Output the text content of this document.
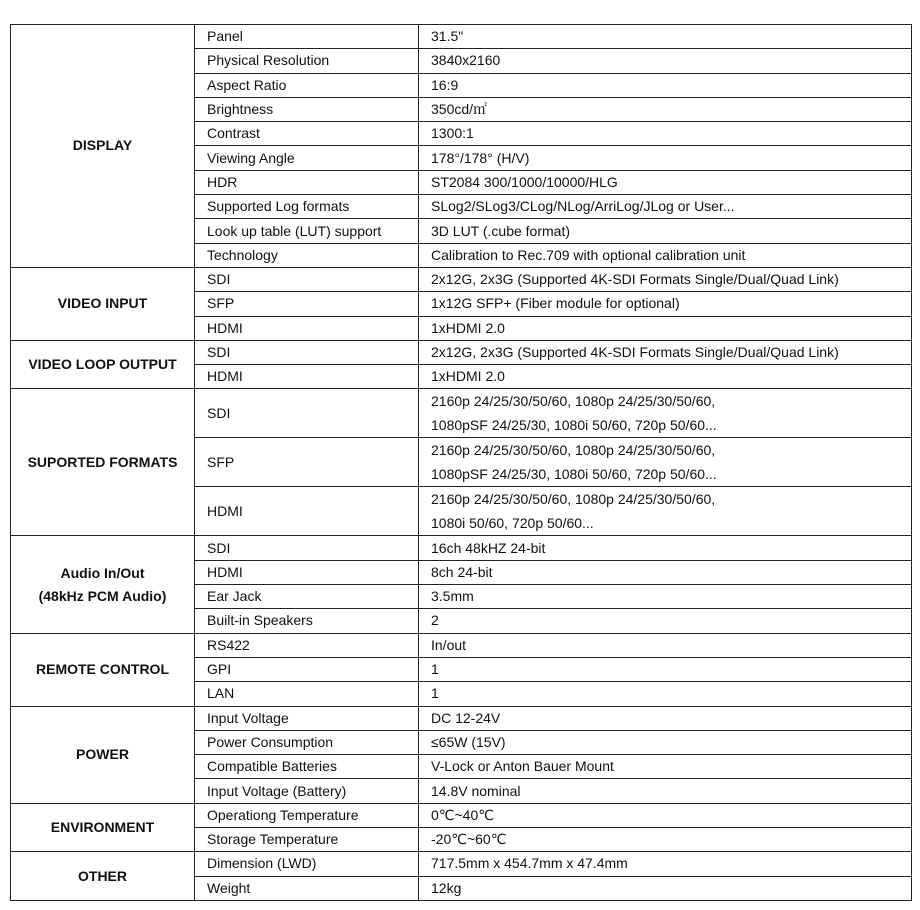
DISPLAY	Panel	31.5"

	Physical Resolution	3840x2160

	Aspect Ratio	16:9

	Brightness	350cd/㎡

	Contrast	1300:1

	Viewing Angle	178°/178° (H/V)

	HDR	ST2084 300/1000/10000/HLG

	Supported Log formats	SLog2/SLog3/CLog/NLog/ArriLog/JLog or User...

	Look up table (LUT) support	3D LUT (.cube format)

	Technology	Calibration to Rec.709 with optional calibration unit

VIDEO INPUT	SDI	2x12G, 2x3G (Supported 4K-SDI Formats Single/Dual/Quad Link)

	SFP	1x12G SFP+ (Fiber module for optional)

	HDMI	1xHDMI 2.0

VIDEO LOOP OUTPUT	SDI	2x12G, 2x3G (Supported 4K-SDI Formats Single/Dual/Quad Link)

	HDMI	1xHDMI 2.0

SUPORTED FORMATS	SDI	2160p 24/25/30/50/60, 1080p 24/25/30/50/60,
1080pSF 24/25/30, 1080i 50/60, 720p 50/60...

	SFP	2160p 24/25/30/50/60, 1080p 24/25/30/50/60,
1080pSF 24/25/30, 1080i 50/60, 720p 50/60...

	HDMI	2160p 24/25/30/50/60, 1080p 24/25/30/50/60,
1080i 50/60, 720p 50/60...

Audio In/Out
(48kHz PCM Audio)	SDI	16ch 48kHZ 24-bit

	HDMI	8ch 24-bit

	Ear Jack	3.5mm

	Built-in Speakers	2

REMOTE CONTROL	RS422	In/out

	GPI	1

	LAN	1

POWER	Input Voltage	DC 12-24V

	Power Consumption	≤65W (15V)

	Compatible Batteries	V-Lock or Anton Bauer Mount

	Input Voltage (Battery)	14.8V nominal

ENVIRONMENT	Operationg Temperature	0℃~40℃

	Storage Temperature	-20℃~60℃

OTHER	Dimension (LWD)	717.5mm x 454.7mm x 47.4mm

	Weight	12kg
